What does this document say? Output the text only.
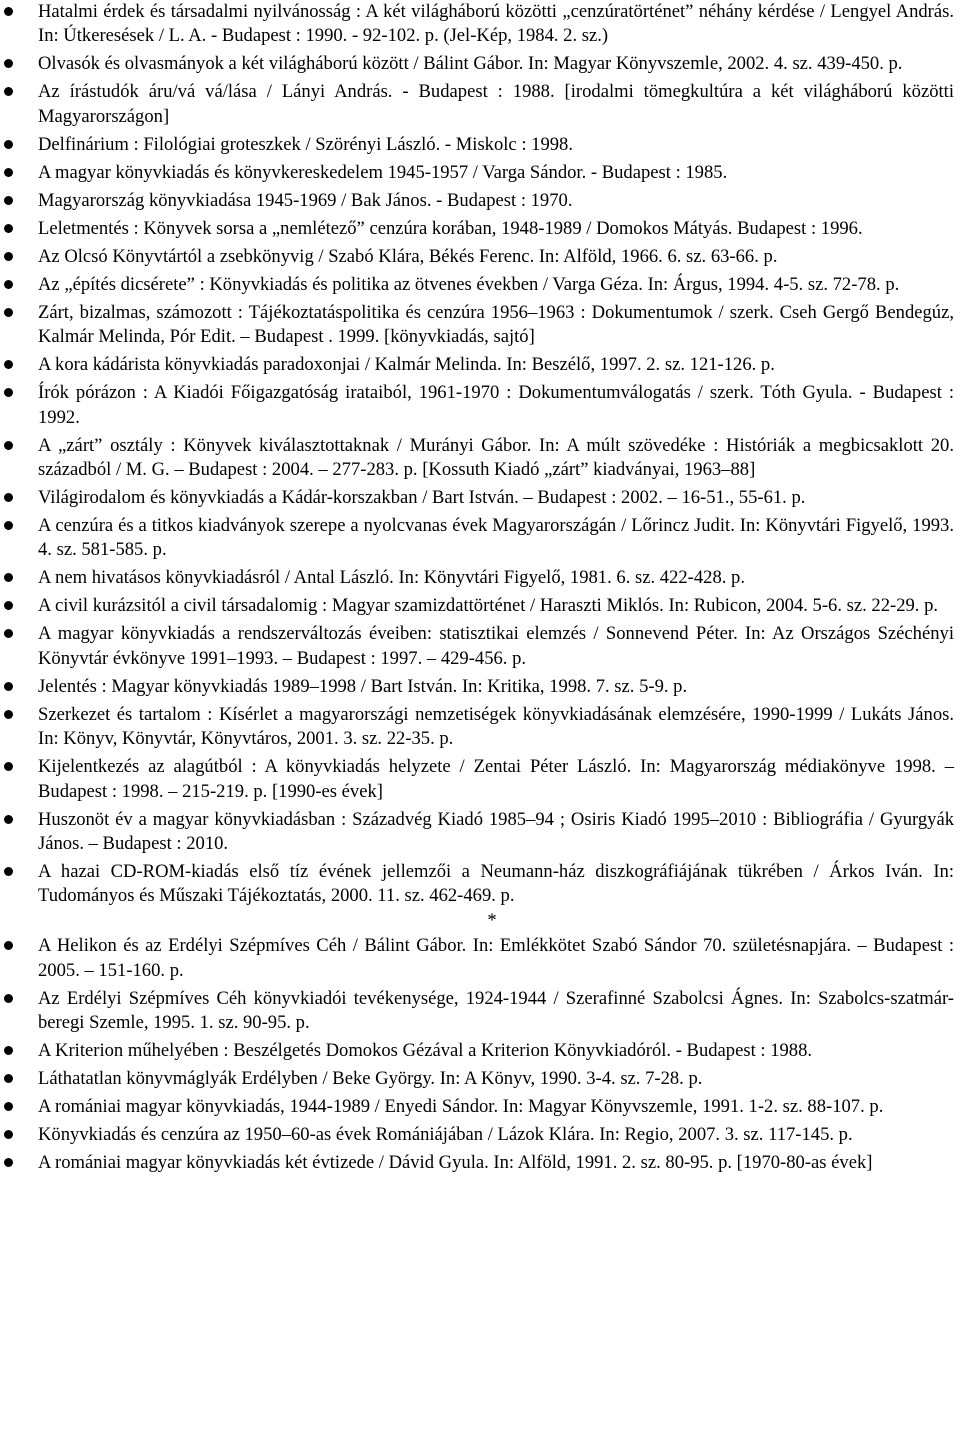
Hatalmi érdek és társadalmi nyilvánosság : A két világháború közötti „cenzúratörténet” néhány kérdése / Lengyel András. In: Útkeresések / L. A. - Budapest : 1990. - 92-102. p. (Jel-Kép, 1984. 2. sz.)
Olvasók és olvasmányok a két világháború között / Bálint Gábor. In: Magyar Könyvszemle, 2002. 4. sz. 439-450. p.
Az írástudók áru/vá vá/lása / Lányi András. - Budapest : 1988. [irodalmi tömegkultúra a két világháború közötti Magyarországon]
Delfinárium : Filológiai groteszkek / Szörényi László. - Miskolc : 1998.
A magyar könyvkiadás és könyvkereskedelem 1945-1957 / Varga Sándor. - Budapest : 1985.
Magyarország könyvkiadása 1945-1969 / Bak János. - Budapest : 1970.
Leletmentés : Könyvek sorsa a „nemlétező” cenzúra korában, 1948-1989 / Domokos Mátyás. Budapest : 1996.
Az Olcsó Könyvtártól a zsebkönyvig / Szabó Klára, Békés Ferenc. In: Alföld, 1966. 6. sz. 63-66. p.
Az „építés dicsérete” : Könyvkiadás és politika az ötvenes években / Varga Géza. In: Árgus, 1994. 4-5. sz. 72-78. p.
Zárt, bizalmas, számozott : Tájékoztatáspolitika és cenzúra 1956–1963 : Dokumentumok / szerk. Cseh Gergő Bendegúz, Kalmár Melinda, Pór Edit. – Budapest . 1999. [könyvkiadás, sajtó]
A kora kádárista könyvkiadás paradoxonjai / Kalmár Melinda. In: Beszélő, 1997. 2. sz. 121-126. p.
Írók pórázon : A Kiadói Főigazgatóság irataiból, 1961-1970 : Dokumentumválogatás / szerk. Tóth Gyula. - Budapest : 1992.
A „zárt” osztály : Könyvek kiválasztottaknak / Murányi Gábor. In: A múlt szövedéke : Históriák a megbicsaklott 20. századból / M. G. – Budapest : 2004. – 277-283. p. [Kossuth Kiadó „zárt” kiadványai, 1963–88]
Világirodalom és könyvkiadás a Kádár-korszakban / Bart István. – Budapest : 2002. – 16-51., 55-61. p.
A cenzúra és a titkos kiadványok szerepe a nyolcvanas évek Magyarországán / Lőrincz Judit. In: Könyvtári Figyelő, 1993. 4. sz. 581-585. p.
A nem hivatásos könyvkiadásról / Antal László. In: Könyvtári Figyelő, 1981. 6. sz. 422-428. p.
A civil kurázsitól a civil társadalomig : Magyar szamizdattörténet / Haraszti Miklós. In: Rubicon, 2004. 5-6. sz. 22-29. p.
A magyar könyvkiadás a rendszerváltozás éveiben: statisztikai elemzés / Sonnevend Péter. In: Az Országos Széchényi Könyvtár évkönyve 1991–1993. – Budapest : 1997. – 429-456. p.
Jelentés : Magyar könyvkiadás 1989–1998 / Bart István. In: Kritika, 1998. 7. sz. 5-9. p.
Szerkezet és tartalom : Kísérlet a magyarországi nemzetiségek könyvkiadásának elemzésére, 1990-1999 / Lukáts János. In: Könyv, Könyvtár, Könyvtáros, 2001. 3. sz. 22-35. p.
Kijelentkezés az alagútból : A könyvkiadás helyzete / Zentai Péter László. In: Magyarország médiakönyve 1998. – Budapest : 1998. – 215-219. p. [1990-es évek]
Huszonöt év a magyar könyvkiadásban : Századvég Kiadó 1985–94 ; Osiris Kiadó 1995–2010 : Bibliográfia / Gyurgyák János. – Budapest : 2010.
A hazai CD-ROM-kiadás első tíz évének jellemzői a Neumann-ház diszkográfiájának tükrében / Árkos Iván. In: Tudományos és Műszaki Tájékoztatás, 2000. 11. sz. 462-469. p.
*
A Helikon és az Erdélyi Szépmíves Céh / Bálint Gábor. In: Emlékkötet Szabó Sándor 70. születésnapjára. – Budapest : 2005. – 151-160. p.
Az Erdélyi Szépmíves Céh könyvkiadói tevékenysége, 1924-1944 / Szerafinné Szabolcsi Ágnes. In: Szabolcs-szatmár-beregi Szemle, 1995. 1. sz. 90-95. p.
A Kriterion műhelyében : Beszélgetés Domokos Gézával a Kriterion Könyvkiadóról. - Budapest : 1988.
Láthatatlan könyvmáglyák Erdélyben / Beke György. In: A Könyv, 1990. 3-4. sz. 7-28. p.
A romániai magyar könyvkiadás, 1944-1989 / Enyedi Sándor. In: Magyar Könyvszemle, 1991. 1-2. sz. 88-107. p.
Könyvkiadás és cenzúra az 1950–60-as évek Romániájában / Lázok Klára. In: Regio, 2007. 3. sz. 117-145. p.
A romániai magyar könyvkiadás két évtizede / Dávid Gyula. In: Alföld, 1991. 2. sz. 80-95. p. [1970-80-as évek]
